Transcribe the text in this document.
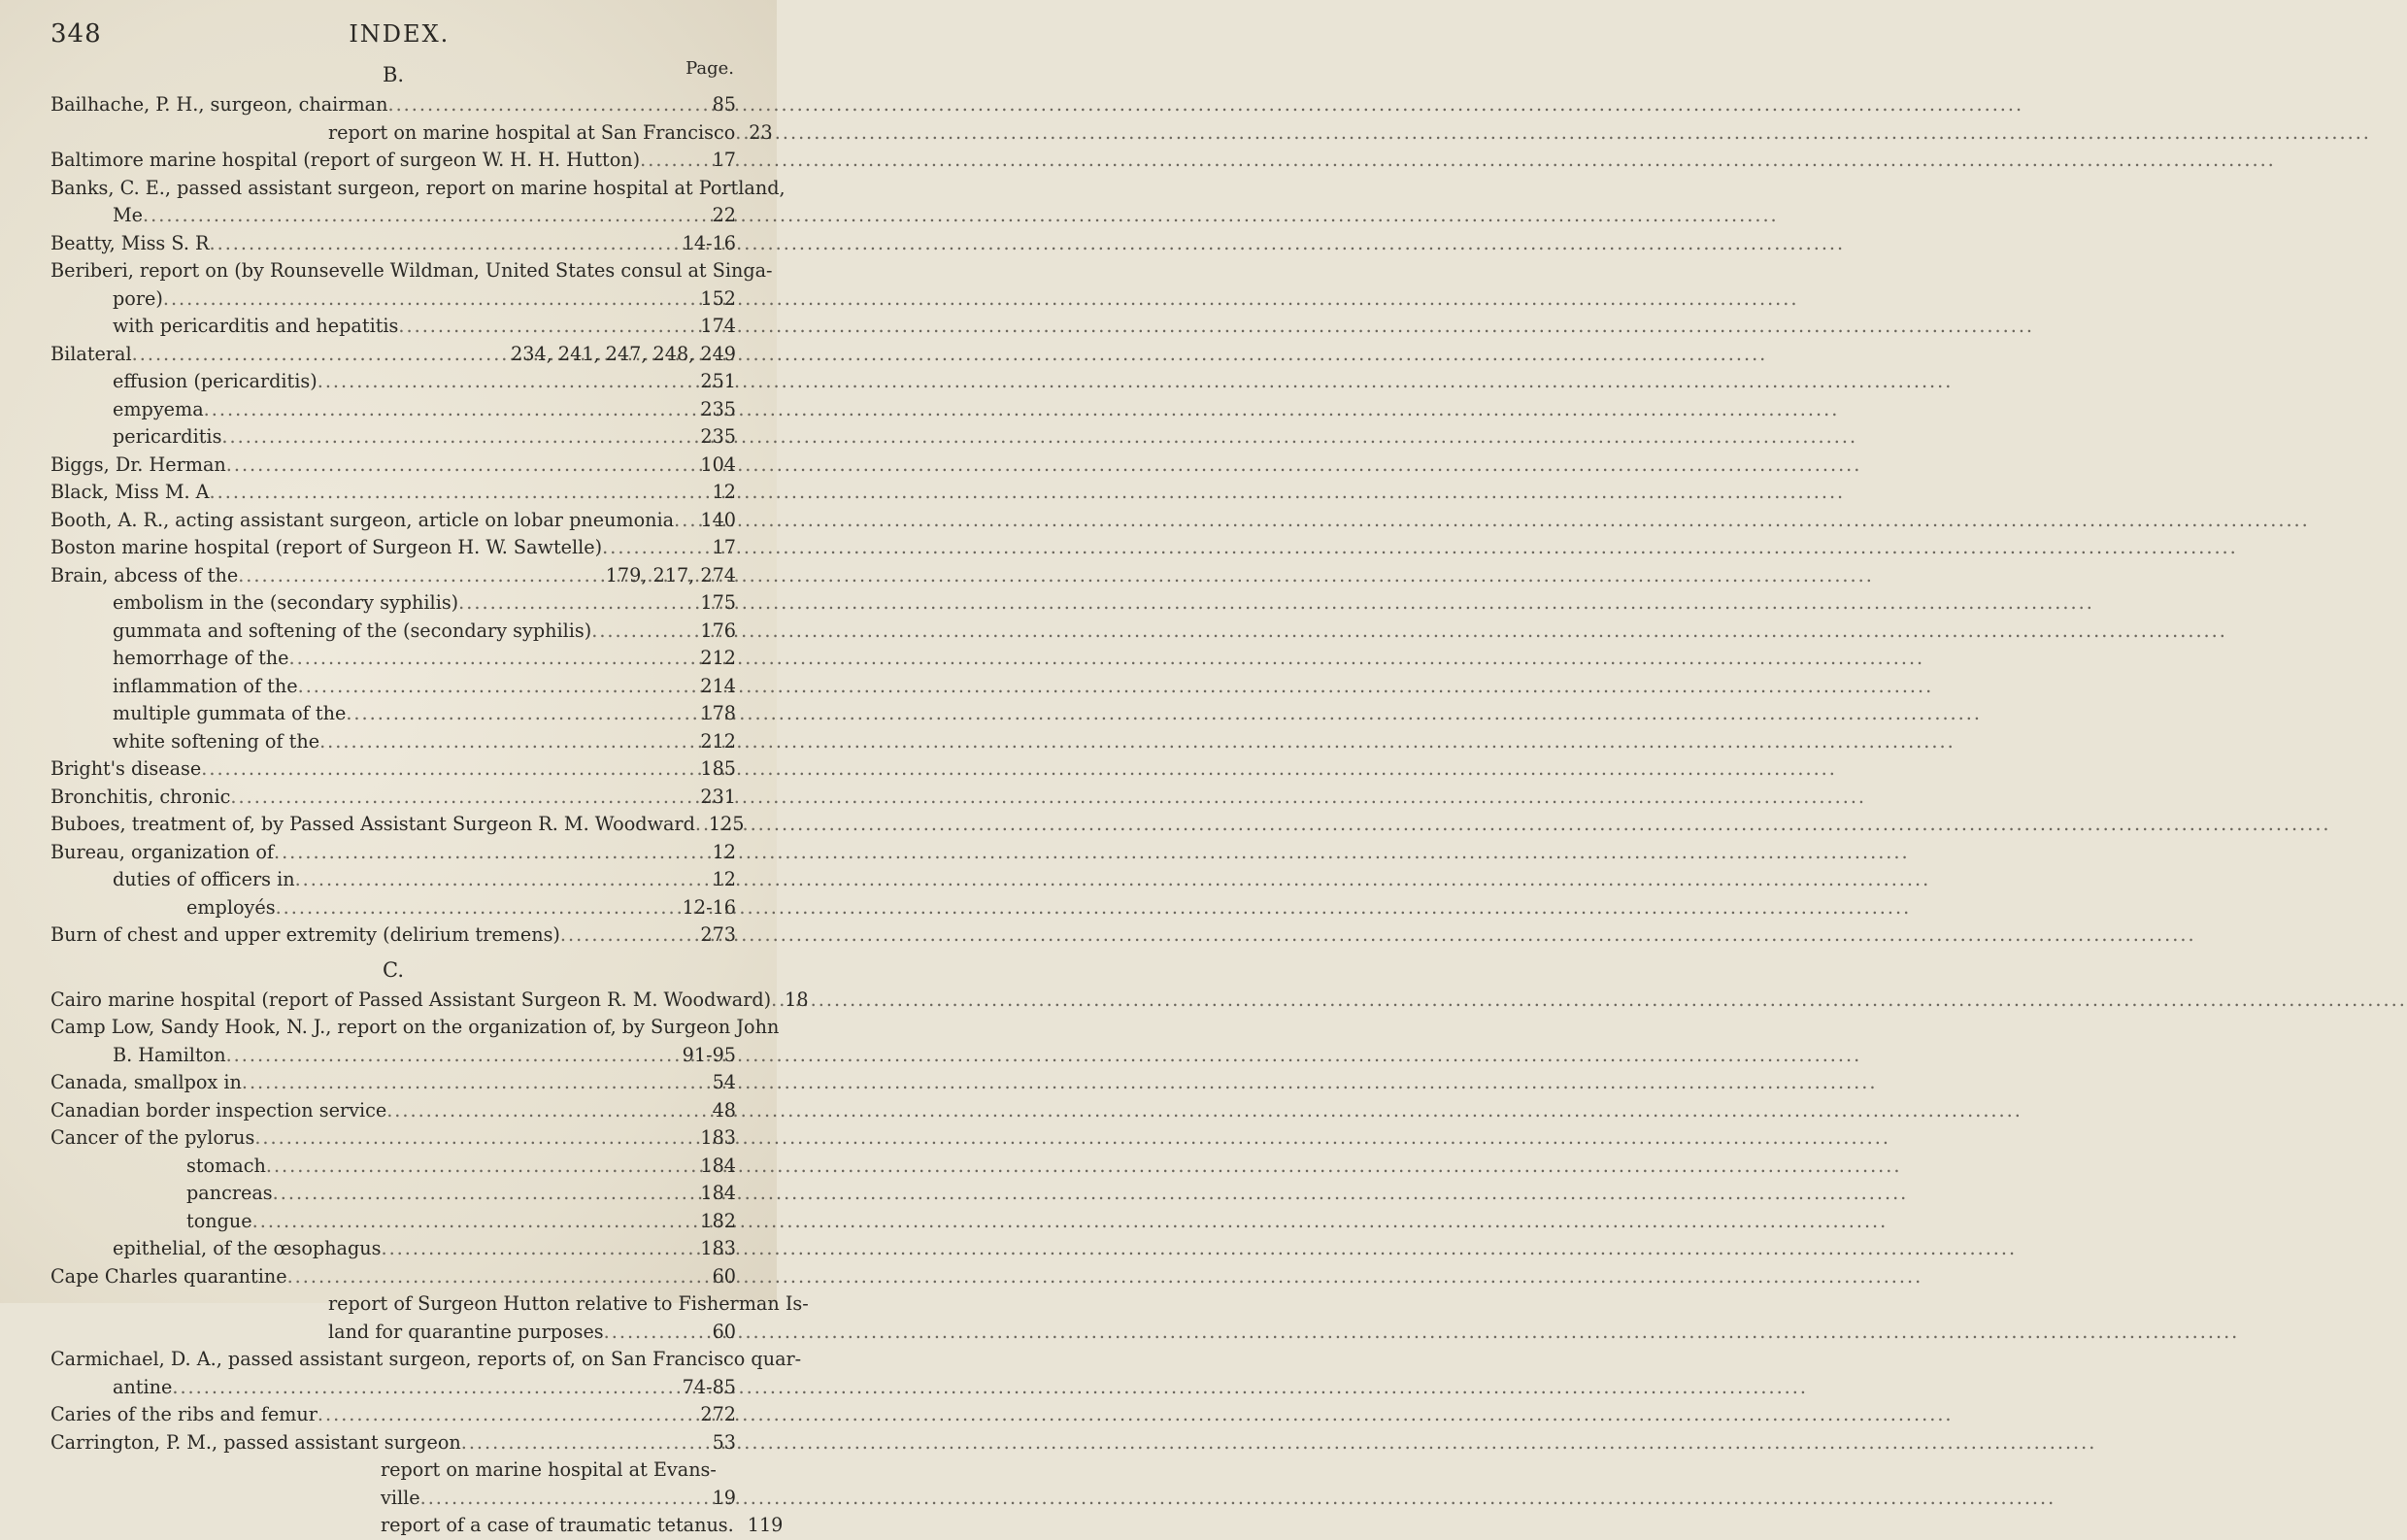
348	INDEX.
Page.
B.
Bailhache, P. H., surgeon, chairman .....	85
report on marine hospital at San Francisco ..... 23
Baltimore marine hospital (report of surgeon W. H. H. Hutton) .....	17
Banks, C. E., passed assistant surgeon, report on marine hospital at Portland,
Me .....	22
Beatty, Miss S. R .....	14-16
Beriberi, report on (by Rounsevelle Wildman, United States consul at Singa-
pore) .....	152
with pericarditis and hepatitis .....	174
Bilateral .....	234, 241, 247, 248, 249
effusion (pericarditis) .....	251
empyema .....	235
pericarditis .....	235
Biggs, Dr. Herman .....	104
Black, Miss M. A .....	12
Booth, A. R., acting assistant surgeon, article on lobar pneumonia ..... 140
Boston marine hospital (report of Surgeon H. W. Sawtelle) .....	17
Brain, abcess of the .....	179, 217, 274
embolism in the (secondary syphilis) .....	175
gummata and softening of the (secondary syphilis) .....	176
hemorrhage of the .....	212
inflammation of the .....	214
multiple gummata of the .....	178
white softening of the .....	212
Bright's disease .....	185
Bronchitis, chronic .....	231
Buboes, treatment of, by Passed Assistant Surgeon R. M. Woodward ..... 125
Bureau, organization of .....	12
duties of officers in .....	12
employés .....	12-16
Burn of chest and upper extremity (delirium tremens) .....	273
C.
Cairo marine hospital (report of Passed Assistant Surgeon R. M. Woodward) ..... 18
Camp Low, Sandy Hook, N. J., report on the organization of, by Surgeon John
B. Hamilton .....	91-95
Canada, smallpox in .....	54
Canadian border inspection service .....	48
Cancer of the pylorus .....	183
stomach .....	184
pancreas .....	184
tongue .....	182
epithelial, of the œsophagus .....	183
Cape Charles quarantine .....	60
report of Surgeon Hutton relative to Fisherman Is-
land for quarantine purposes .....	60
Carmichael, D. A., passed assistant surgeon, reports of, on San Francisco quar-
antine .....	74-85
Caries of the ribs and femur .....	272
Carrington, P. M., passed assistant surgeon .....	53
report on marine hospital at Evans-
ville .....	19
report of a case of traumatic tetanus. 119
